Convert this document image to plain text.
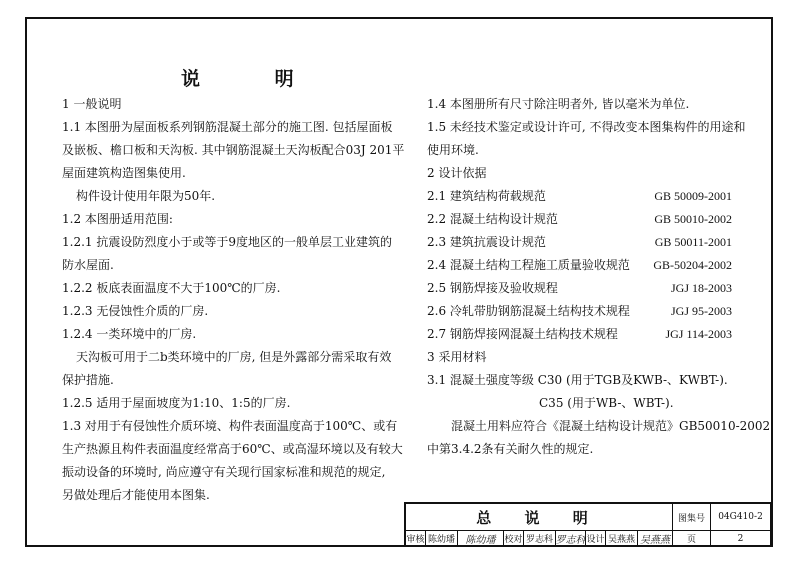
说 明
1 一般说明
1.1 本图册为屋面板系列钢筋混凝土部分的施工图. 包括屋面板
及嵌板、檐口板和天沟板. 其中钢筋混凝土天沟板配合03J 201平
屋面建筑构造图集使用.
构件设计使用年限为50年.
1.2 本图册适用范围:
1.2.1 抗震设防烈度小于或等于9度地区的一般单层工业建筑的
防水屋面.
1.2.2 板底表面温度不大于100℃的厂房.
1.2.3 无侵蚀性介质的厂房.
1.2.4 一类环境中的厂房.
天沟板可用于二b类环境中的厂房, 但是外露部分需采取有效
保护措施.
1.2.5 适用于屋面坡度为1:10、1:5的厂房.
1.3 对用于有侵蚀性介质环境、构件表面温度高于100℃、或有
生产热源且构件表面温度经常高于60℃、或高湿环境以及有较大
振动设备的环境时, 尚应遵守有关现行国家标准和规范的规定,
另做处理后才能使用本图集.
1.4 本图册所有尺寸除注明者外, 皆以毫米为单位.
1.5 未经技术鉴定或设计许可, 不得改变本图集构件的用途和
使用环境.
2 设计依据
2.1 建筑结构荷载规范	GB 50009-2001
2.2 混凝土结构设计规范	GB 50010-2002
2.3 建筑抗震设计规范	GB 50011-2001
2.4 混凝土结构工程施工质量验收规范 GB-50204-2002
2.5 钢筋焊接及验收规程	JGJ 18-2003
2.6 冷轧带肋钢筋混凝土结构技术规程	JGJ 95-2003
2.7 钢筋焊接网混凝土结构技术规程	JGJ 114-2003
3 采用材料
3.1 混凝土强度等级 C30 (用于TGB及KWB-、KWBT-).
C35 (用于WB-、WBT-).
混凝土用料应符合《混凝土结构设计规范》GB50010-2002
中第3.4.2条有关耐久性的规定.
总 说 明	图集号	04G410-2
审核 陈幼璠	陈幼璠 校对 罗志科 罗志科 设计 吴燕燕 吴燕燕	页	2
